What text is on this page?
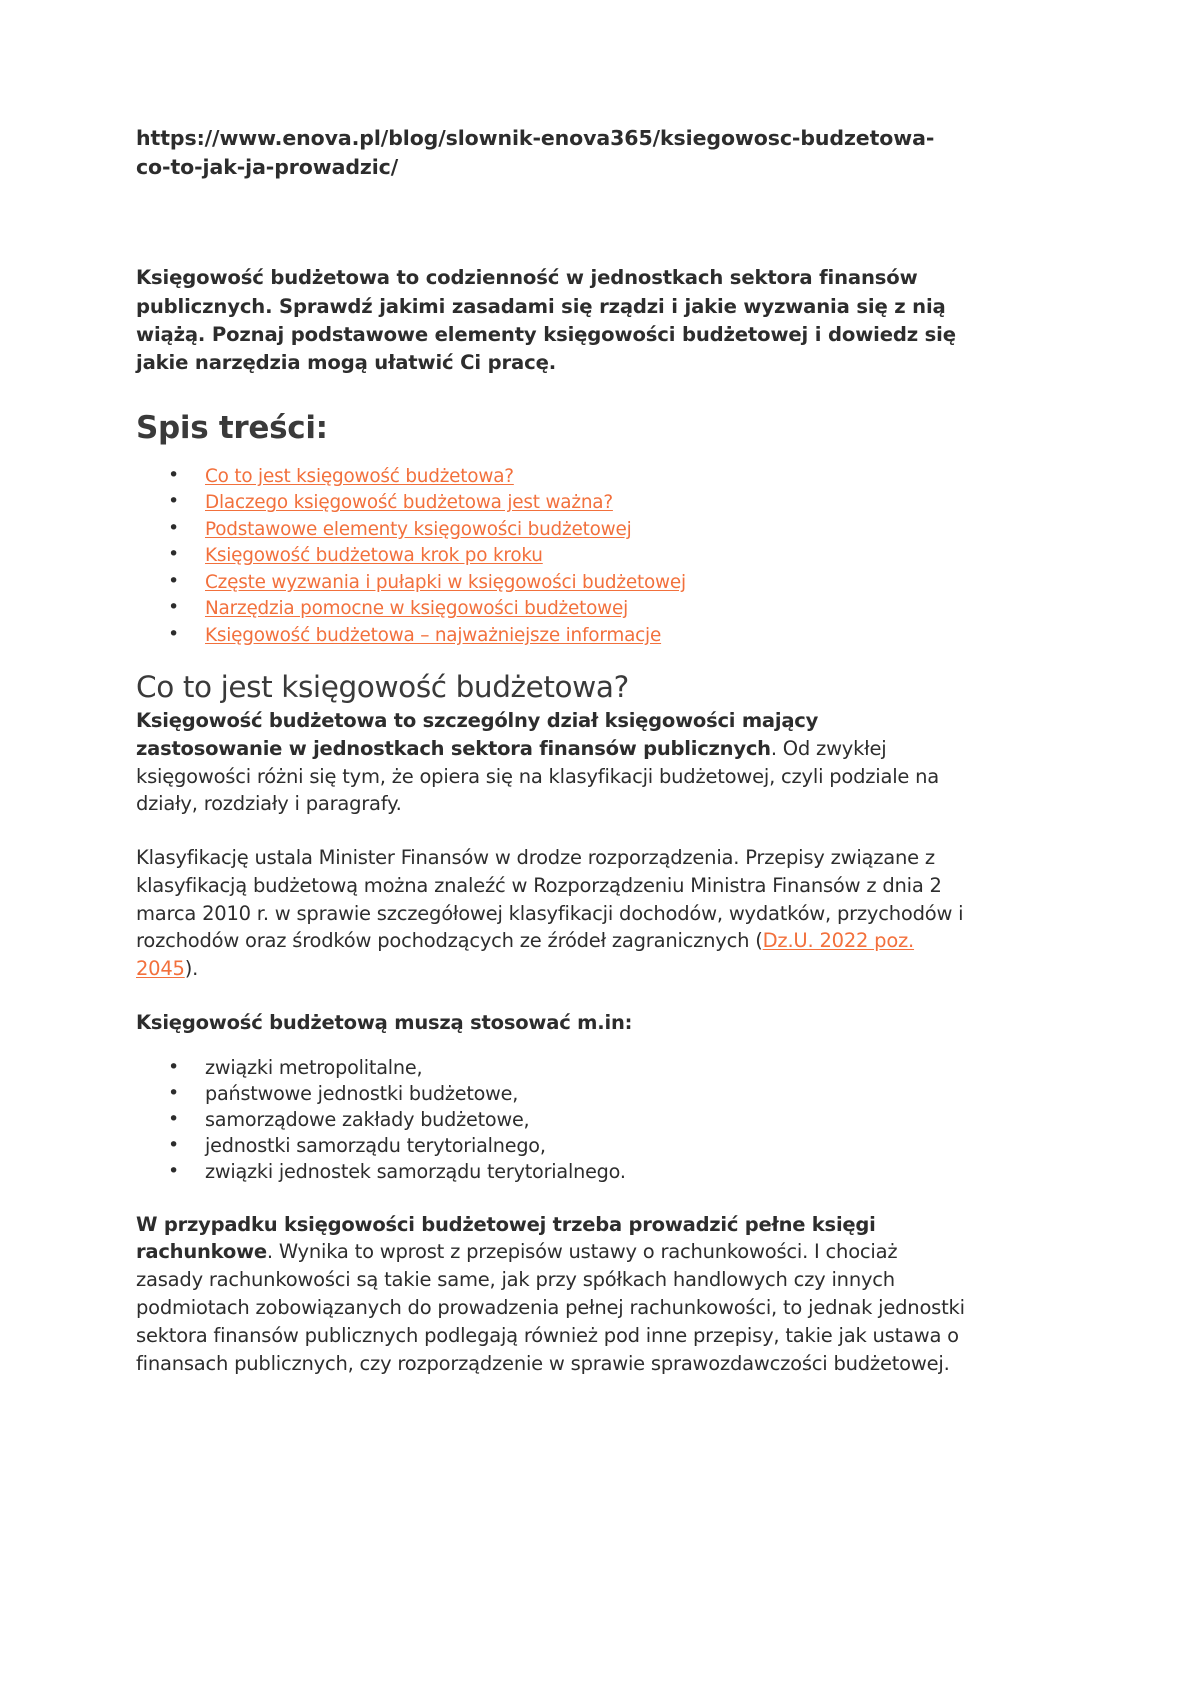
https://www.enova.pl/blog/slownik-enova365/ksiegowosc-budzetowa-co-to-jak-ja-prowadzic/

Księgowość budżetowa to codzienność w jednostkach sektora finansów publicznych. Sprawdź jakimi zasadami się rządzi i jakie wyzwania się z nią wiążą. Poznaj podstawowe elementy księgowości budżetowej i dowiedz się jakie narzędzia mogą ułatwić Ci pracę.

Spis treści:
• Co to jest księgowość budżetowa?
• Dlaczego księgowość budżetowa jest ważna?
• Podstawowe elementy księgowości budżetowej
• Księgowość budżetowa krok po kroku
• Częste wyzwania i pułapki w księgowości budżetowej
• Narzędzia pomocne w księgowości budżetowej
• Księgowość budżetowa – najważniejsze informacje
Co to jest księgowość budżetowa?

Księgowość budżetowa to szczególny dział księgowości mający zastosowanie w jednostkach sektora finansów publicznych. Od zwykłej księgowości różni się tym, że opiera się na klasyfikacji budżetowej, czyli podziale na działy, rozdziały i paragrafy.

Klasyfikację ustala Minister Finansów w drodze rozporządzenia. Przepisy związane z klasyfikacją budżetową można znaleźć w Rozporządzeniu Ministra Finansów z dnia 2 marca 2010 r. w sprawie szczegółowej klasyfikacji dochodów, wydatków, przychodów i rozchodów oraz środków pochodzących ze źródeł zagranicznych (Dz.U. 2022 poz. 2045).

Księgowość budżetową muszą stosować m.in:

• związki metropolitalne,
• państwowe jednostki budżetowe,
• samorządowe zakłady budżetowe,
• jednostki samorządu terytorialnego,
• związki jednostek samorządu terytorialnego.

W przypadku księgowości budżetowej trzeba prowadzić pełne księgi rachunkowe. Wynika to wprost z przepisów ustawy o rachunkowości. I chociaż zasady rachunkowości są takie same, jak przy spółkach handlowych czy innych podmiotach zobowiązanych do prowadzenia pełnej rachunkowości, to jednak jednostki sektora finansów publicznych podlegają również pod inne przepisy, takie jak ustawa o finansach publicznych, czy rozporządzenie w sprawie sprawozdawczości budżetowej.
